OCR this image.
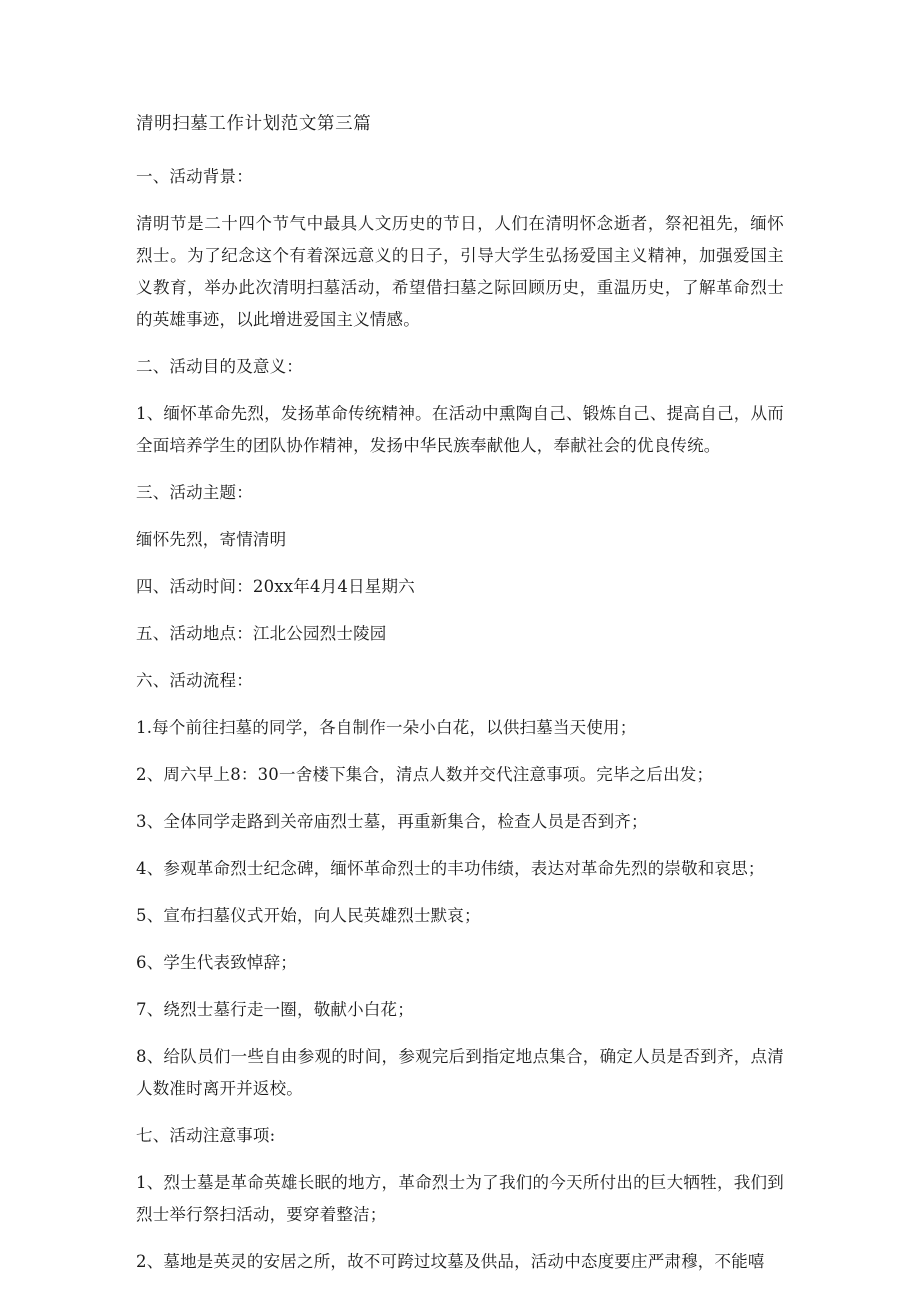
清明扫墓工作计划范文第三篇
一、活动背景：
清明节是二十四个节气中最具人文历史的节日，人们在清明怀念逝者，祭祀祖先，缅怀烈士。为了纪念这个有着深远意义的日子，引导大学生弘扬爱国主义精神，加强爱国主义教育，举办此次清明扫墓活动，希望借扫墓之际回顾历史，重温历史，了解革命烈士的英雄事迹，以此增进爱国主义情感。
二、活动目的及意义：
1、缅怀革命先烈，发扬革命传统精神。在活动中熏陶自己、锻炼自己、提高自己，从而全面培养学生的团队协作精神，发扬中华民族奉献他人，奉献社会的优良传统。
三、活动主题：
缅怀先烈，寄情清明
四、活动时间：20xx年4月4日星期六
五、活动地点：江北公园烈士陵园
六、活动流程：
1.每个前往扫墓的同学，各自制作一朵小白花，以供扫墓当天使用；
2、周六早上8：30一舍楼下集合，清点人数并交代注意事项。完毕之后出发；
3、全体同学走路到关帝庙烈士墓，再重新集合，检查人员是否到齐；
4、参观革命烈士纪念碑，缅怀革命烈士的丰功伟绩，表达对革命先烈的崇敬和哀思；
5、宣布扫墓仪式开始，向人民英雄烈士默哀；
6、学生代表致悼辞；
7、绕烈士墓行走一圈，敬献小白花；
8、给队员们一些自由参观的时间，参观完后到指定地点集合，确定人员是否到齐，点清人数准时离开并返校。
七、活动注意事项:
1、烈士墓是革命英雄长眠的地方，革命烈士为了我们的今天所付出的巨大牺牲，我们到烈士举行祭扫活动，要穿着整洁；
2、墓地是英灵的安居之所，故不可跨过坟墓及供品，活动中态度要庄严肃穆，不能嘻
